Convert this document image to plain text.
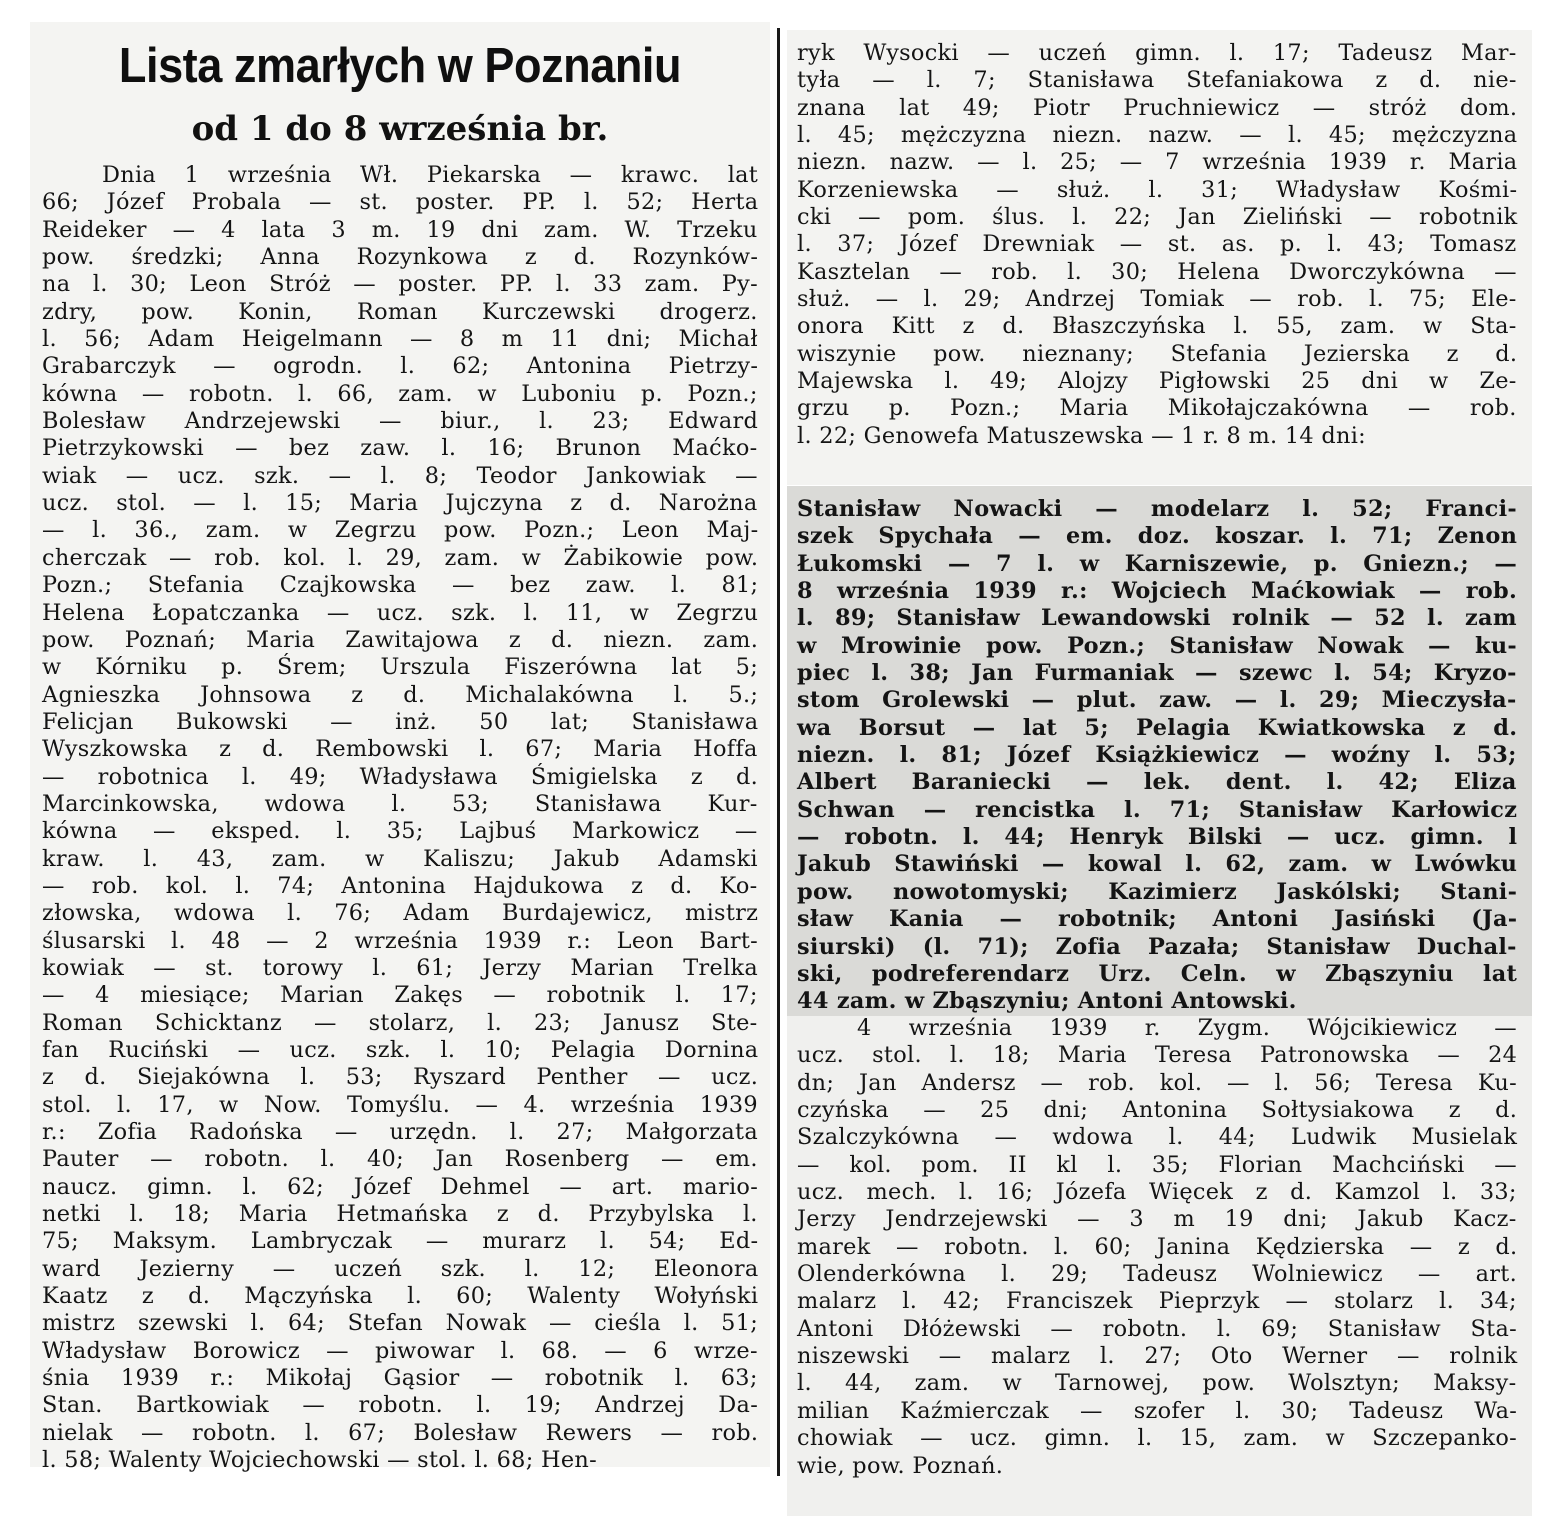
Lista zmarłych w Poznaniu
od 1 do 8 września br.
Dnia 1 września Wł. Piekarska — krawc. lat
66; Józef Probala — st. poster. PP. l. 52; Herta
Reideker — 4 lata 3 m. 19 dni zam. W. Trzeku
pow. średzki; Anna Rozynkowa z d. Rozynków-
na l. 30; Leon Stróż — poster. PP. l. 33 zam. Py-
zdry, pow. Konin, Roman Kurczewski drogerz.
l. 56; Adam Heigelmann — 8 m 11 dni; Michał
Grabarczyk — ogrodn. l. 62; Antonina Pietrzy-
kówna — robotn. l. 66, zam. w Luboniu p. Pozn.;
Bolesław Andrzejewski — biur., l. 23; Edward
Pietrzykowski — bez zaw. l. 16; Brunon Maćko-
wiak — ucz. szk. — l. 8; Teodor Jankowiak —
ucz. stol. — l. 15; Maria Jujczyna z d. Narożna
— l. 36., zam. w Zegrzu pow. Pozn.; Leon Maj-
cherczak — rob. kol. l. 29, zam. w Żabikowie pow.
Pozn.; Stefania Czajkowska — bez zaw. l. 81;
Helena Łopatczanka — ucz. szk. l. 11, w Zegrzu
pow. Poznań; Maria Zawitajowa z d. niezn. zam.
w Kórniku p. Śrem; Urszula Fiszerówna lat 5;
Agnieszka Johnsowa z d. Michalakówna l. 5.;
Felicjan Bukowski — inż. 50 lat; Stanisława
Wyszkowska z d. Rembowski l. 67; Maria Hoffa
— robotnica l. 49; Władysława Śmigielska z d.
Marcinkowska, wdowa l. 53; Stanisława Kur-
kówna — eksped. l. 35; Lajbuś Markowicz —
kraw. l. 43, zam. w Kaliszu; Jakub Adamski
— rob. kol. l. 74; Antonina Hajdukowa z d. Ko-
złowska, wdowa l. 76; Adam Burdajewicz, mistrz
ślusarski l. 48 — 2 września 1939 r.: Leon Bart-
kowiak — st. torowy l. 61; Jerzy Marian Trelka
— 4 miesiące; Marian Zakęs — robotnik l. 17;
Roman Schicktanz — stolarz, l. 23; Janusz Ste-
fan Ruciński — ucz. szk. l. 10; Pelagia Dornina
z d. Siejakówna l. 53; Ryszard Penther — ucz.
stol. l. 17, w Now. Tomyślu. — 4. września 1939
r.: Zofia Radońska — urzędn. l. 27; Małgorzata
Pauter — robotn. l. 40; Jan Rosenberg — em.
naucz. gimn. l. 62; Józef Dehmel — art. mario-
netki l. 18; Maria Hetmańska z d. Przybylska l.
75; Maksym. Lambryczak — murarz l. 54; Ed-
ward Jezierny — uczeń szk. l. 12; Eleonora
Kaatz z d. Mączyńska l. 60; Walenty Wołyński
mistrz szewski l. 64; Stefan Nowak — cieśla l. 51;
Władysław Borowicz — piwowar l. 68. — 6 wrze-
śnia 1939 r.: Mikołaj Gąsior — robotnik l. 63;
Stan. Bartkowiak — robotn. l. 19; Andrzej Da-
nielak — robotn. l. 67; Bolesław Rewers — rob.
l. 58; Walenty Wojciechowski — stol. l. 68; Hen-
ryk Wysocki — uczeń gimn. l. 17; Tadeusz Mar-
tyła — l. 7; Stanisława Stefaniakowa z d. nie-
znana lat 49; Piotr Pruchniewicz — stróż dom.
l. 45; mężczyzna niezn. nazw. — l. 45; mężczyzna
niezn. nazw. — l. 25; — 7 września 1939 r. Maria
Korzeniewska — służ. l. 31; Władysław Kośmi-
cki — pom. ślus. l. 22; Jan Zieliński — robotnik
l. 37; Józef Drewniak — st. as. p. l. 43; Tomasz
Kasztelan — rob. l. 30; Helena Dworczykówna —
służ. — l. 29; Andrzej Tomiak — rob. l. 75; Ele-
onora Kitt z d. Błaszczyńska l. 55, zam. w Sta-
wiszynie pow. nieznany; Stefania Jezierska z d.
Majewska l. 49; Alojzy Pigłowski 25 dni w Ze-
grzu p. Pozn.; Maria Mikołajczakówna — rob.
l. 22; Genowefa Matuszewska — 1 r. 8 m. 14 dni:
Stanisław Nowacki — modelarz l. 52; Franci-
szek Spychała — em. doz. koszar. l. 71; Zenon
Łukomski — 7 l. w Karniszewie, p. Gniezn.; —
8 września 1939 r.: Wojciech Maćkowiak — rob.
l. 89; Stanisław Lewandowski rolnik — 52 l. zam
w Mrowinie pow. Pozn.; Stanisław Nowak — ku-
piec l. 38; Jan Furmaniak — szewc l. 54; Kryzo-
stom Grolewski — plut. zaw. — l. 29; Mieczysła-
wa Borsut — lat 5; Pelagia Kwiatkowska z d.
niezn. l. 81; Józef Książkiewicz — woźny l. 53;
Albert Baraniecki — lek. dent. l. 42; Eliza
Schwan — rencistka l. 71; Stanisław Karłowicz
— robotn. l. 44; Henryk Bilski — ucz. gimn. l
Jakub Stawiński — kowal l. 62, zam. w Lwówku
pow. nowotomyski; Kazimierz Jaskólski; Stani-
sław Kania — robotnik; Antoni Jasiński (Ja-
siurski) (l. 71); Zofia Pazała; Stanisław Duchal-
ski, podreferendarz Urz. Celn. w Zbąszyniu lat
44 zam. w Zbąszyniu; Antoni Antowski.
4 września 1939 r. Zygm. Wójcikiewicz —
ucz. stol. l. 18; Maria Teresa Patronowska — 24
dn; Jan Andersz — rob. kol. — l. 56; Teresa Ku-
czyńska — 25 dni; Antonina Sołtysiakowa z d.
Szalczykówna — wdowa l. 44; Ludwik Musielak
— kol. pom. II kl l. 35; Florian Machciński —
ucz. mech. l. 16; Józefa Więcek z d. Kamzol l. 33;
Jerzy Jendrzejewski — 3 m 19 dni; Jakub Kacz-
marek — robotn. l. 60; Janina Kędzierska — z d.
Olenderkówna l. 29; Tadeusz Wolniewicz — art.
malarz l. 42; Franciszek Pieprzyk — stolarz l. 34;
Antoni Dłóżewski — robotn. l. 69; Stanisław Sta-
niszewski — malarz l. 27; Oto Werner — rolnik
l. 44, zam. w Tarnowej, pow. Wolsztyn; Maksy-
milian Kaźmierczak — szofer l. 30; Tadeusz Wa-
chowiak — ucz. gimn. l. 15, zam. w Szczepanko-
wie, pow. Poznań.
